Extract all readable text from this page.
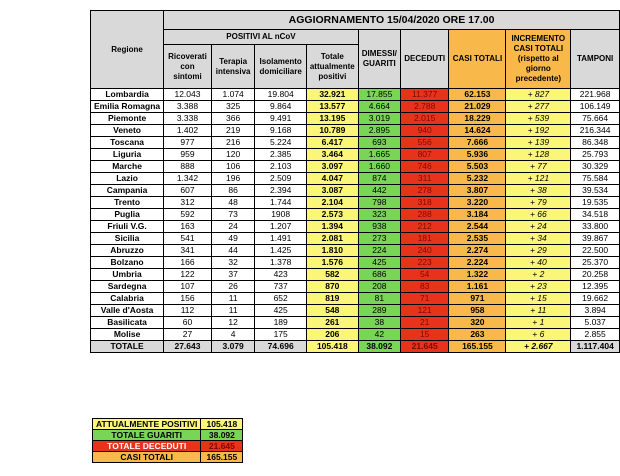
Regione	AGGIORNAMENTO 15/04/2020 ORE 17.00								
	POSITIVI AL nCoV				DIMESSI/ GUARITI	DECEDUTI	CASI TOTALI	INCREMENTO CASI TOTALI (rispetto al giorno precedente)	TAMPONI
	Ricoverati con sintomi	Terapia intensiva	Isolamento domiciliare	Totale attualmente positivi					
Lombardia	12.043	1.074	19.804	32.921	17.855	11.377	62.153	+ 827	221.968
Emilia Romagna	3.388	325	9.864	13.577	4.664	2.788	21.029	+ 277	106.149
Piemonte	3.338	366	9.491	13.195	3.019	2.015	18.229	+ 539	75.664
Veneto	1.402	219	9.168	10.789	2.895	940	14.624	+ 192	216.344
Toscana	977	216	5.224	6.417	693	556	7.666	+ 139	86.348
Liguria	959	120	2.385	3.464	1.665	807	5.936	+ 128	25.793
Marche	888	106	2.103	3.097	1.660	746	5.503	+ 77	30.329
Lazio	1.342	196	2.509	4.047	874	311	5.232	+ 121	75.584
Campania	607	86	2.394	3.087	442	278	3.807	+ 38	39.534
Trento	312	48	1.744	2.104	798	318	3.220	+ 79	19.535
Puglia	592	73	1908	2.573	323	288	3.184	+ 66	34.518
Friuli V.G.	163	24	1.207	1.394	938	212	2.544	+ 24	33.800
Sicilia	541	49	1.491	2.081	273	181	2.535	+ 34	39.867
Abruzzo	341	44	1.425	1.810	224	240	2.274	+ 29	22.500
Bolzano	166	32	1.378	1.576	425	223	2.224	+ 40	25.370
Umbria	122	37	423	582	686	54	1.322	+ 2	20.258
Sardegna	107	26	737	870	208	83	1.161	+ 23	12.395
Calabria	156	11	652	819	81	71	971	+ 15	19.662
Valle d'Aosta	112	11	425	548	289	121	958	+ 11	3.894
Basilicata	60	12	189	261	38	21	320	+ 1	5.037
Molise	27	4	175	206	42	15	263	+ 6	2.855
TOTALE	27.643	3.079	74.696	105.418	38.092	21.645	165.155	+ 2.667	1.117.404
ATTUALMENTE POSITIVI	105.418
TOTALE GUARITI	38.092
TOTALE DECEDUTI	21.645
CASI TOTALI	165.155
